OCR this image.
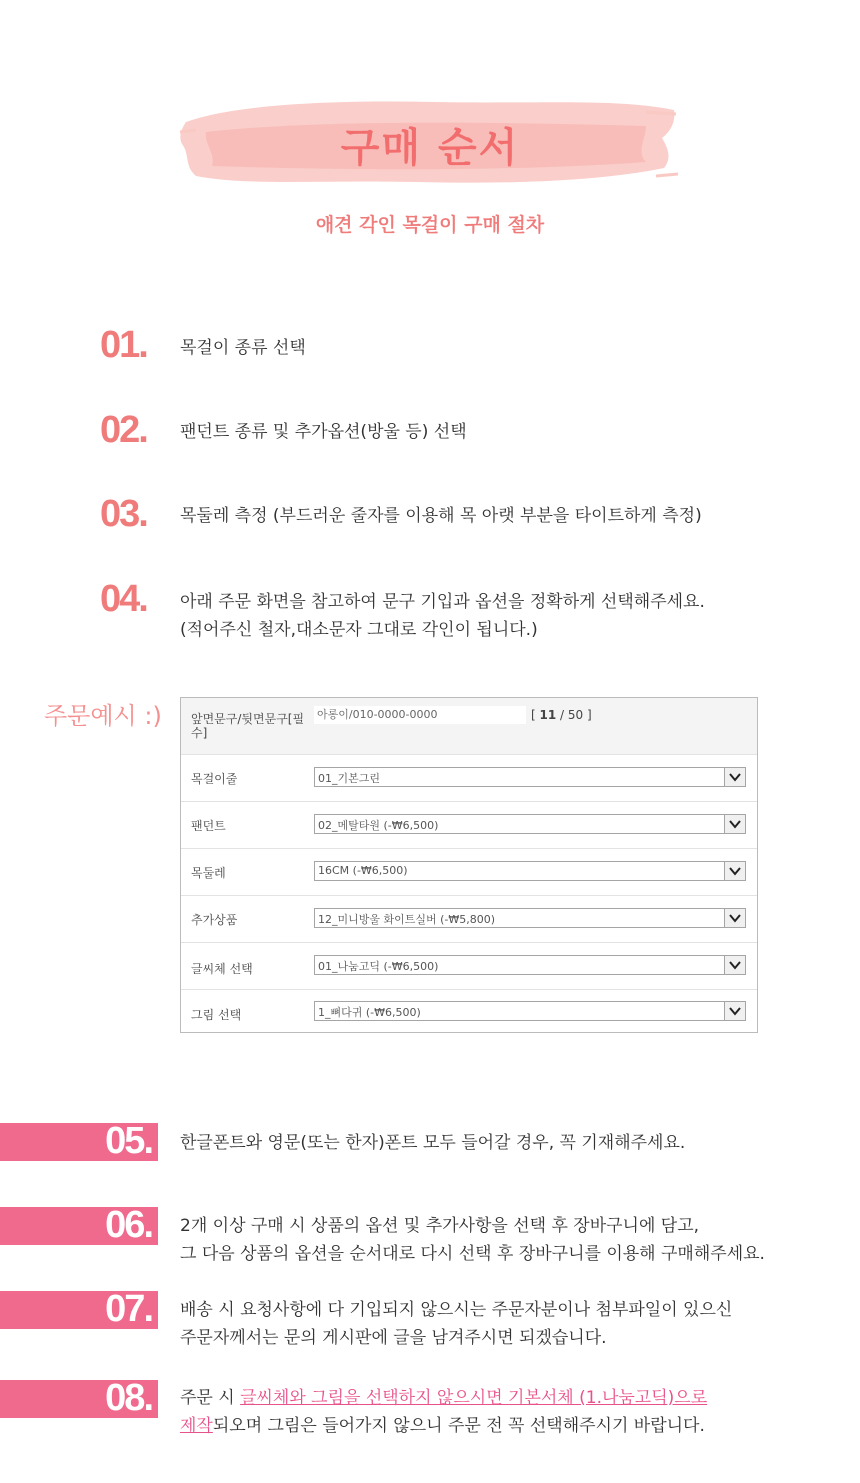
구매 순서
애견 각인 목걸이 구매 절차
01. 목걸이 종류 선택
02. 팬던트 종류 및 추가옵션(방울 등) 선택
03. 목둘레 측정 (부드러운 줄자를 이용해 목 아랫 부분을 타이트하게 측정)
04. 아래 주문 화면을 참고하여 문구 기입과 옵션을 정확하게 선택해주세요.
(적어주신 철자,대소문자 그대로 각인이 됩니다.)
주문예시 :) 앞면문구/뒷면문구[필
수]
아롱이/010-0000-0000	[ 11 / 50 ]
목걸이줄	01_기본그린
팬던트	02_메탈타원 (-₩6,500)
목둘레	16CM (-₩6,500)
추가상품	12_미니방울 화이트실버 (-₩5,800)
글씨체 선택	01_나눔고딕 (-₩6,500)
그림 선택	1_뼈다귀 (-₩6,500)
05. 한글폰트와 영문(또는 한자)폰트 모두 들어갈 경우, 꼭 기재해주세요.
06. 2개 이상 구매 시 상품의 옵션 및 추가사항을 선택 후 장바구니에 담고,
그 다음 상품의 옵션을 순서대로 다시 선택 후 장바구니를 이용해 구매해주세요.
07. 배송 시 요청사항에 다 기입되지 않으시는 주문자분이나 첨부파일이 있으신
주문자께서는 문의 게시판에 글을 남겨주시면 되겠습니다.
08. 주문 시 글씨체와 그림을 선택하지 않으시면 기본서체 (1.나눔고딕)으로
제작되오며 그림은 들어가지 않으니 주문 전 꼭 선택해주시기 바랍니다.
